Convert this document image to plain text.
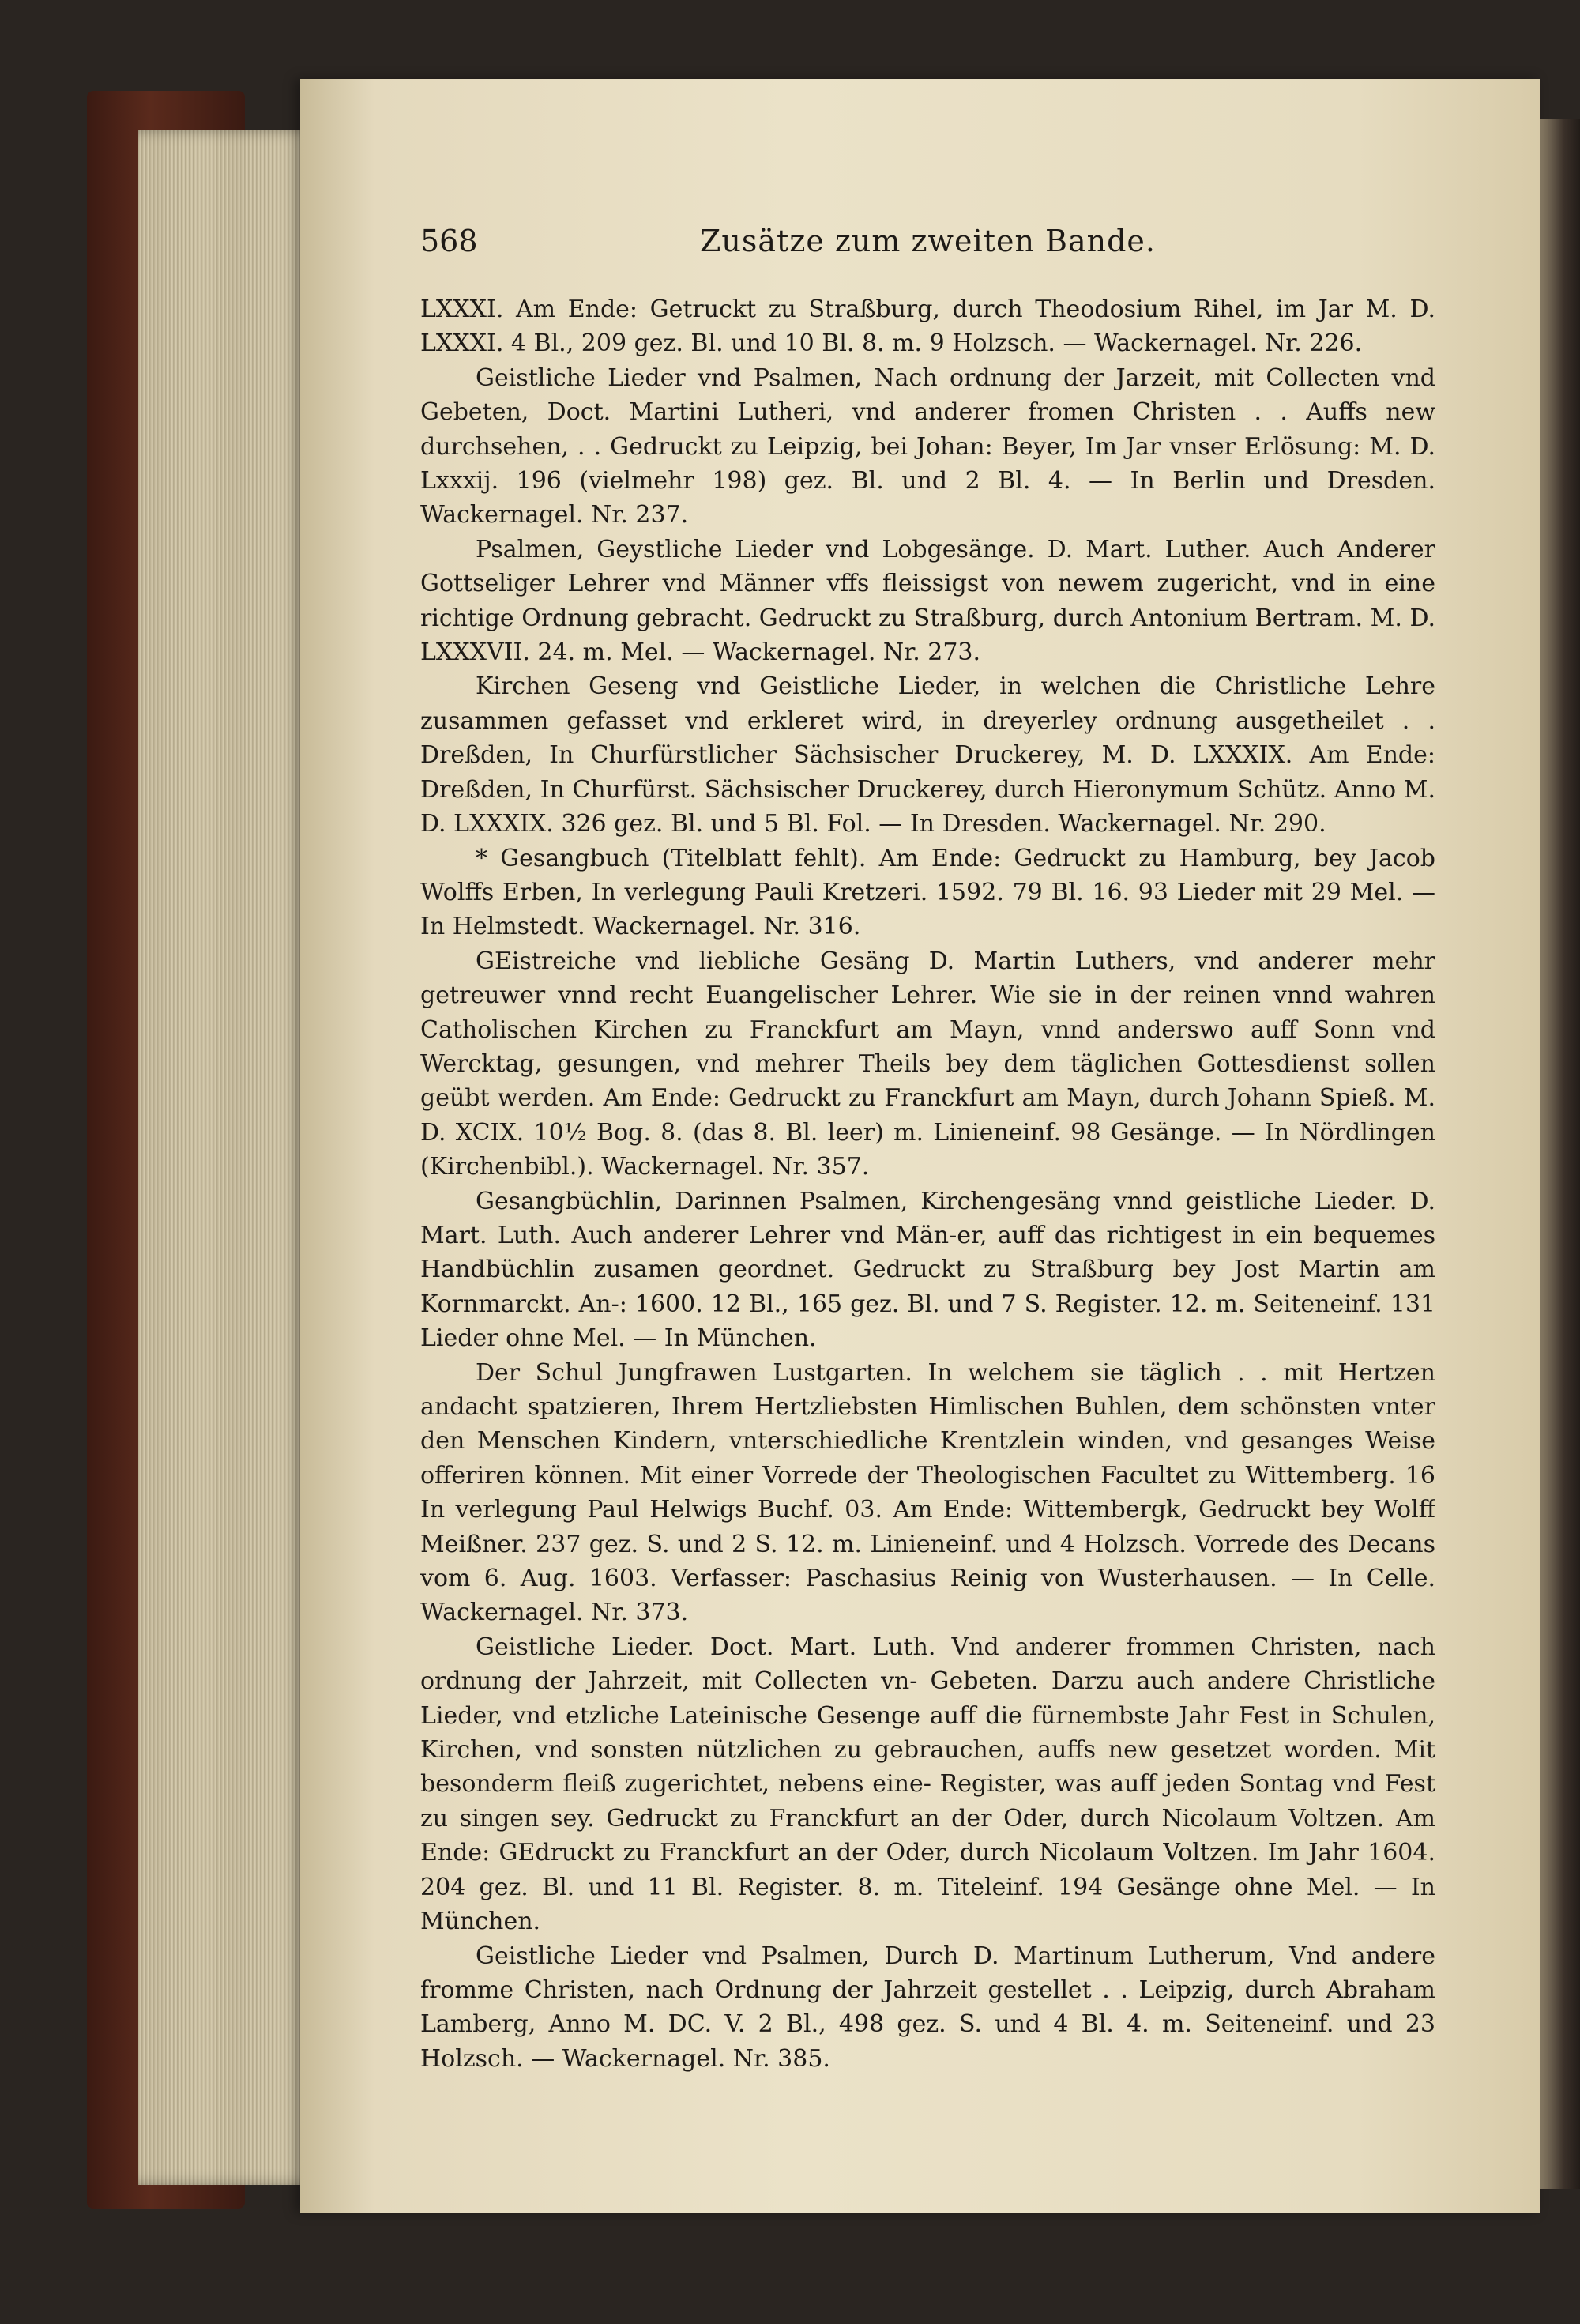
568	Zusätze zum zweiten Bande.

LXXXI. Am Ende: Getruckt zu Straßburg, durch Theodosium Rihel, im Jar M. D. LXXXI. 4 Bl., 209 gez. Bl. und 10 Bl. 8. m. 9 Holzsch. — Wackernagel. Nr. 226.

Geistliche Lieder vnd Psalmen, Nach ordnung der Jarzeit, mit Collecten vnd Gebeten, Doct. Martini Lutheri, vnd anderer fromen Christen . . Auffs new durchsehen, . . Gedruckt zu Leipzig, bei Johan: Beyer, Im Jar vnser Erlösung: M. D. Lxxxij. 196 (vielmehr 198) gez. Bl. und 2 Bl. 4. — In Berlin und Dresden. Wackernagel. Nr. 237.

Psalmen, Geystliche Lieder vnd Lobgesänge. D. Mart. Luther. Auch Anderer Gottseliger Lehrer vnd Männer vffs fleissigst von newem zugericht, vnd in eine richtige Ordnung gebracht. Gedruckt zu Straßburg, durch Antonium Bertram. M. D. LXXXVII. 24. m. Mel. — Wackernagel. Nr. 273.

Kirchen Geseng vnd Geistliche Lieder, in welchen die Christliche Lehre zusammen gefasset vnd erkleret wird, in dreyerley ordnung ausgetheilet . . Dreßden, In Churfürstlicher Sächsischer Druckerey, M. D. LXXXIX. Am Ende: Dreßden, In Churfürst. Sächsischer Druckerey, durch Hieronymum Schütz. Anno M. D. LXXXIX. 326 gez. Bl. und 5 Bl. Fol. — In Dresden. Wackernagel. Nr. 290.

* Gesangbuch (Titelblatt fehlt). Am Ende: Gedruckt zu Hamburg, bey Jacob Wolffs Erben, In verlegung Pauli Kretzeri. 1592. 79 Bl. 16. 93 Lieder mit 29 Mel. — In Helmstedt. Wackernagel. Nr. 316.

GEistreiche vnd liebliche Gesäng D. Martin Luthers, vnd anderer mehr getreuwer vnnd recht Euangelischer Lehrer. Wie sie in der reinen vnnd wahren Catholischen Kirchen zu Franckfurt am Mayn, vnnd anderswo auff Sonn vnd Wercktag, gesungen, vnd mehrer Theils bey dem täglichen Gottesdienst sollen geübt werden. Am Ende: Gedruckt zu Franckfurt am Mayn, durch Johann Spieß. M. D. XCIX. 10½ Bog. 8. (das 8. Bl. leer) m. Linieneinf. 98 Gesänge. — In Nördlingen (Kirchenbibl.). Wackernagel. Nr. 357.

Gesangbüchlin, Darinnen Psalmen, Kirchengesäng vnnd geistliche Lieder. D. Mart. Luth. Auch anderer Lehrer vnd Män-er, auff das richtigest in ein bequemes Handbüchlin zusamen geordnet. Gedruckt zu Straßburg bey Jost Martin am Kornmarckt. An-: 1600. 12 Bl., 165 gez. Bl. und 7 S. Register. 12. m. Seiteneinf. 131 Lieder ohne Mel. — In München.

Der Schul Jungfrawen Lustgarten. In welchem sie täglich . . mit Hertzen andacht spatzieren, Ihrem Hertzliebsten Himlischen Buhlen, dem schönsten vnter den Menschen Kindern, vnterschiedliche Krentzlein winden, vnd gesanges Weise offeriren können. Mit einer Vorrede der Theologischen Facultet zu Wittemberg. 16 In verlegung Paul Helwigs Buchf. 03. Am Ende: Wittembergk, Gedruckt bey Wolff Meißner. 237 gez. S. und 2 S. 12. m. Linieneinf. und 4 Holzsch. Vorrede des Decans vom 6. Aug. 1603. Verfasser: Paschasius Reinig von Wusterhausen. — In Celle. Wackernagel. Nr. 373.

Geistliche Lieder. Doct. Mart. Luth. Vnd anderer frommen Christen, nach ordnung der Jahrzeit, mit Collecten vn- Gebeten. Darzu auch andere Christliche Lieder, vnd etzliche Lateinische Gesenge auff die fürnembste Jahr Fest in Schulen, Kirchen, vnd sonsten nützlichen zu gebrauchen, auffs new gesetzet worden. Mit besonderm fleiß zugerichtet, nebens eine- Register, was auff jeden Sontag vnd Fest zu singen sey. Gedruckt zu Franckfurt an der Oder, durch Nicolaum Voltzen. Am Ende: GEdruckt zu Franckfurt an der Oder, durch Nicolaum Voltzen. Im Jahr 1604. 204 gez. Bl. und 11 Bl. Register. 8. m. Titeleinf. 194 Gesänge ohne Mel. — In München.

Geistliche Lieder vnd Psalmen, Durch D. Martinum Lutherum, Vnd andere fromme Christen, nach Ordnung der Jahrzeit gestellet . . Leipzig, durch Abraham Lamberg, Anno M. DC. V. 2 Bl., 498 gez. S. und 4 Bl. 4. m. Seiteneinf. und 23 Holzsch. — Wackernagel. Nr. 385.
